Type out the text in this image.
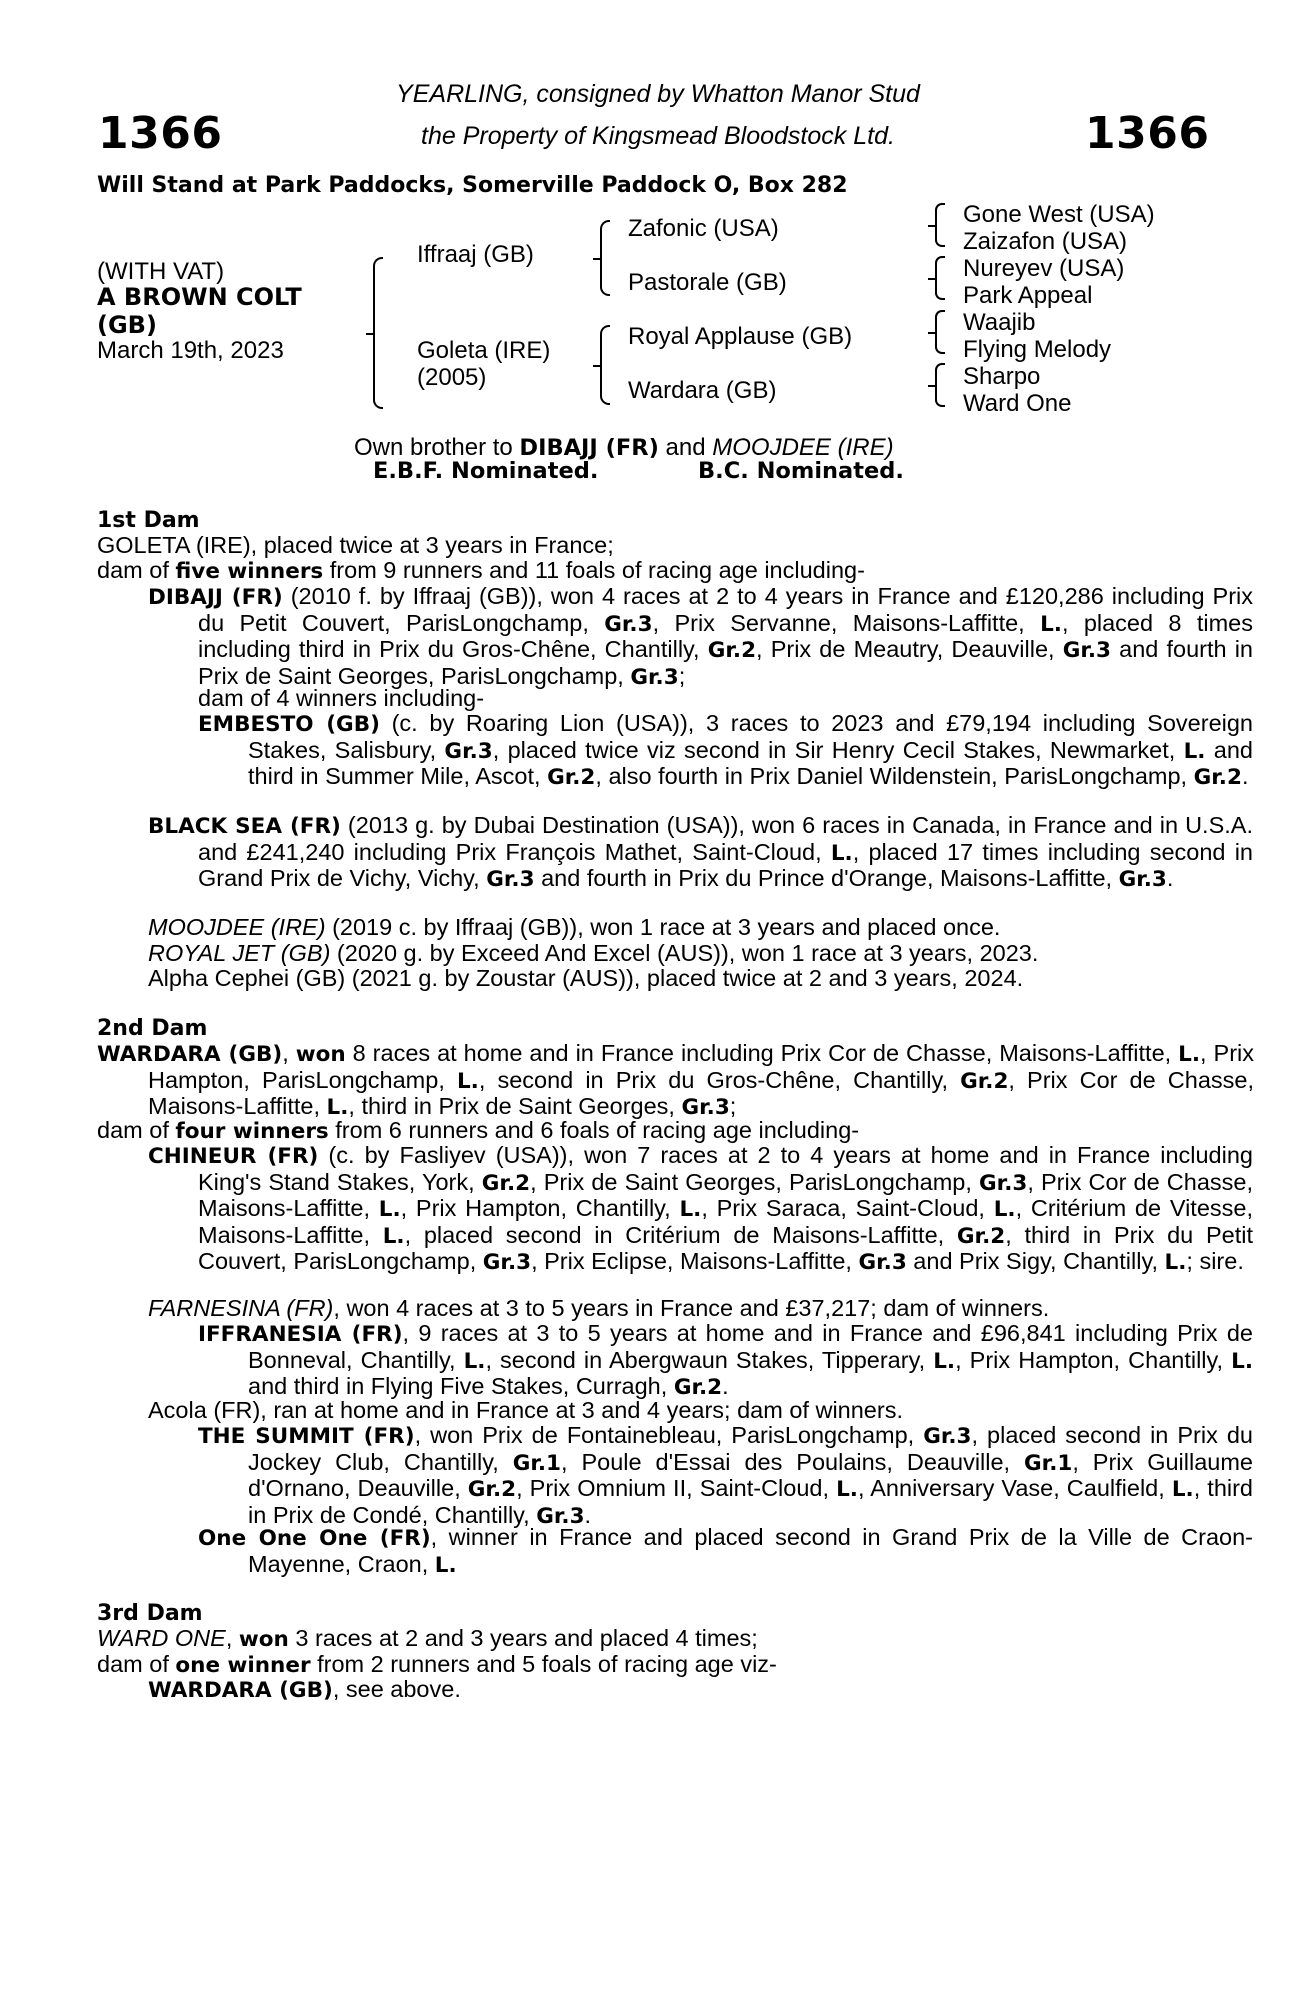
1366	1366
YEARLING, consigned by Whatton Manor Stud
the Property of Kingsmead Bloodstock Ltd.
Will Stand at Park Paddocks, Somerville Paddock O, Box 282
(WITH VAT)
A BROWN COLT
(GB)
March 19th, 2023
Iffraaj (GB)
Goleta (IRE)
(2005)
Zafonic (USA)
Pastorale (GB)
Royal Applause (GB)
Wardara (GB)
Gone West (USA)
Zaizafon (USA)
Nureyev (USA)
Park Appeal
Waajib
Flying Melody
Sharpo
Ward One
Own brother to DIBAJJ (FR) and MOOJDEE (IRE)
E.B.F. Nominated.	B.C. Nominated.
1st Dam
GOLETA (IRE), placed twice at 3 years in France;
dam of five winners from 9 runners and 11 foals of racing age including-
DIBAJJ (FR) (2010 f. by Iffraaj (GB)), won 4 races at 2 to 4 years in France and £120,286 including Prix du Petit Couvert, ParisLongchamp, Gr.3, Prix Servanne, Maisons-Laffitte, L., placed 8 times including third in Prix du Gros-Chêne, Chantilly, Gr.2, Prix de Meautry, Deauville, Gr.3 and fourth in Prix de Saint Georges, ParisLongchamp, Gr.3;
dam of 4 winners including-
EMBESTO (GB) (c. by Roaring Lion (USA)), 3 races to 2023 and £79,194 including Sovereign Stakes, Salisbury, Gr.3, placed twice viz second in Sir Henry Cecil Stakes, Newmarket, L. and third in Summer Mile, Ascot, Gr.2, also fourth in Prix Daniel Wildenstein, ParisLongchamp, Gr.2.
BLACK SEA (FR) (2013 g. by Dubai Destination (USA)), won 6 races in Canada, in France and in U.S.A. and £241,240 including Prix François Mathet, Saint-Cloud, L., placed 17 times including second in Grand Prix de Vichy, Vichy, Gr.3 and fourth in Prix du Prince d'Orange, Maisons-Laffitte, Gr.3.
MOOJDEE (IRE) (2019 c. by Iffraaj (GB)), won 1 race at 3 years and placed once.
ROYAL JET (GB) (2020 g. by Exceed And Excel (AUS)), won 1 race at 3 years, 2023.
Alpha Cephei (GB) (2021 g. by Zoustar (AUS)), placed twice at 2 and 3 years, 2024.
2nd Dam
WARDARA (GB), won 8 races at home and in France including Prix Cor de Chasse, Maisons-Laffitte, L., Prix Hampton, ParisLongchamp, L., second in Prix du Gros-Chêne, Chantilly, Gr.2, Prix Cor de Chasse, Maisons-Laffitte, L., third in Prix de Saint Georges, Gr.3;
dam of four winners from 6 runners and 6 foals of racing age including-
CHINEUR (FR) (c. by Fasliyev (USA)), won 7 races at 2 to 4 years at home and in France including King's Stand Stakes, York, Gr.2, Prix de Saint Georges, ParisLongchamp, Gr.3, Prix Cor de Chasse, Maisons-Laffitte, L., Prix Hampton, Chantilly, L., Prix Saraca, Saint-Cloud, L., Critérium de Vitesse, Maisons-Laffitte, L., placed second in Critérium de Maisons-Laffitte, Gr.2, third in Prix du Petit Couvert, ParisLongchamp, Gr.3, Prix Eclipse, Maisons-Laffitte, Gr.3 and Prix Sigy, Chantilly, L.; sire.
FARNESINA (FR), won 4 races at 3 to 5 years in France and £37,217; dam of winners.
IFFRANESIA (FR), 9 races at 3 to 5 years at home and in France and £96,841 including Prix de Bonneval, Chantilly, L., second in Abergwaun Stakes, Tipperary, L., Prix Hampton, Chantilly, L. and third in Flying Five Stakes, Curragh, Gr.2.
Acola (FR), ran at home and in France at 3 and 4 years; dam of winners.
THE SUMMIT (FR), won Prix de Fontainebleau, ParisLongchamp, Gr.3, placed second in Prix du Jockey Club, Chantilly, Gr.1, Poule d'Essai des Poulains, Deauville, Gr.1, Prix Guillaume d'Ornano, Deauville, Gr.2, Prix Omnium II, Saint-Cloud, L., Anniversary Vase, Caulfield, L., third in Prix de Condé, Chantilly, Gr.3.
One One One (FR), winner in France and placed second in Grand Prix de la Ville de Craon-Mayenne, Craon, L.
3rd Dam
WARD ONE, won 3 races at 2 and 3 years and placed 4 times;
dam of one winner from 2 runners and 5 foals of racing age viz-
WARDARA (GB), see above.
